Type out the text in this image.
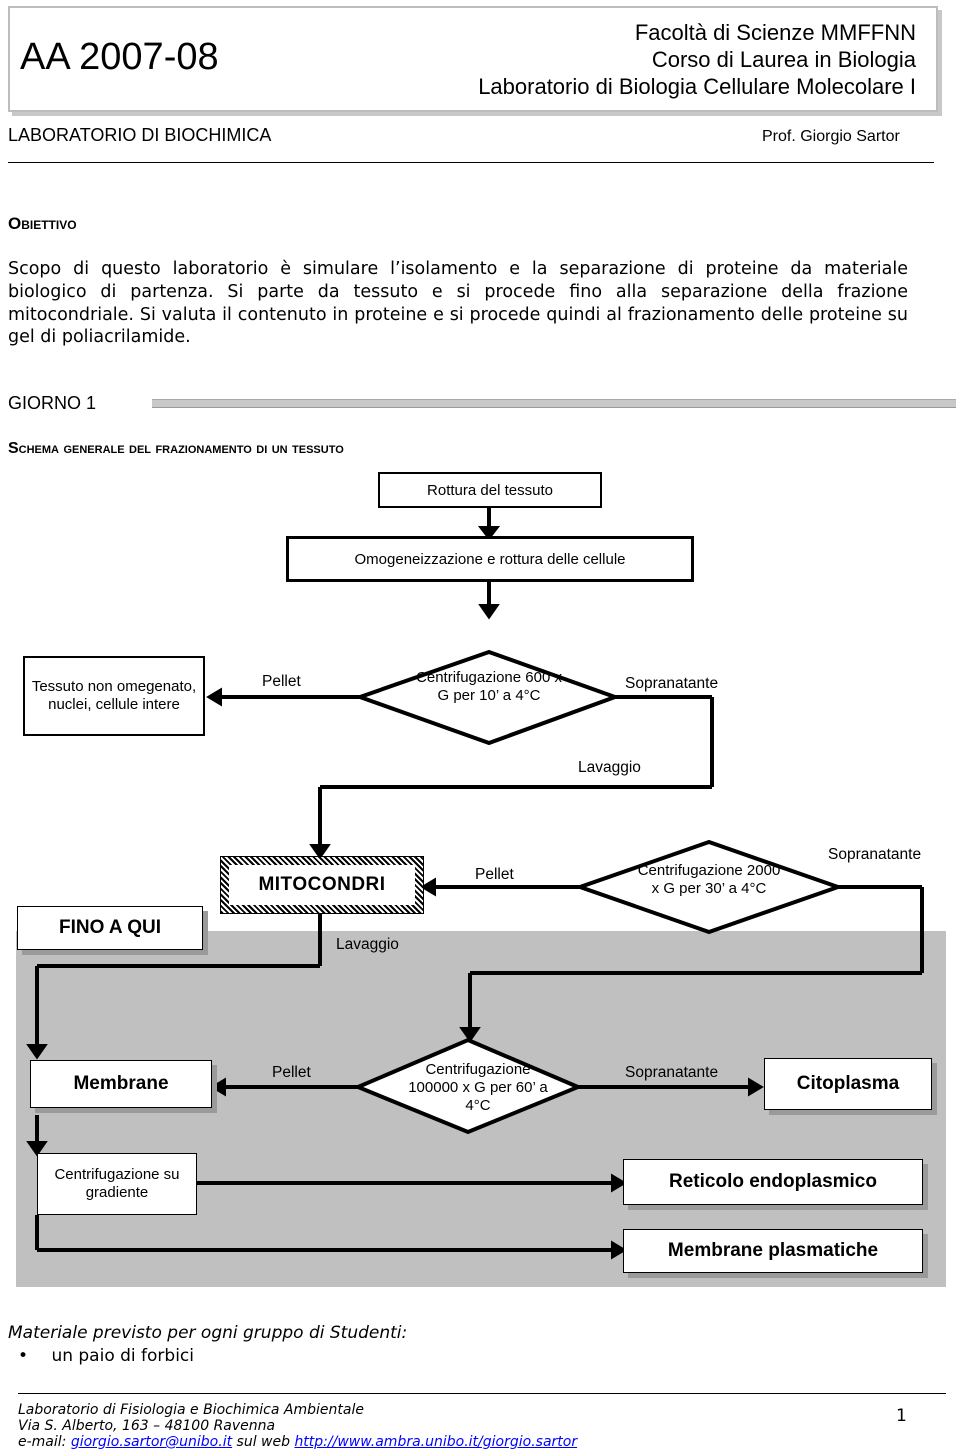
AA 2007-08
Facoltà di Scienze MMFFNN
Corso di Laurea in Biologia
Laboratorio di Biologia Cellulare Molecolare I
LABORATORIO DI BIOCHIMICA	Prof. Giorgio Sartor
Obiettivo
Scopo di questo laboratorio è simulare l’isolamento e la separazione di proteine da materiale biologico di partenza. Si parte da tessuto e si procede fino alla separazione della frazione mitocondriale. Si valuta il contenuto in proteine e si procede quindi al frazionamento delle proteine su gel di poliacrilamide.
GIORNO 1
Schema generale del frazionamento di un tessuto
Rottura del tessuto
Omogeneizzazione e rottura delle cellule
Tessuto non omegenato, nuclei, cellule intere
Pellet	Centrifugazione 600 x G per 10’ a 4°C
Sopranatante
Lavaggio
MITOCONDRI	Pellet	Centrifugazione 2000 x G per 30’ a 4°C
Sopranatante
FINO A QUI
Lavaggio
Membrane
Pellet	Centrifugazione 100000 x G per 60’ a 4°C
Sopranatante
Citoplasma
Centrifugazione su gradiente
Reticolo endoplasmico
Membrane plasmatiche
Materiale previsto per ogni gruppo di Studenti:
• un paio di forbici
Laboratorio di Fisiologia e Biochimica Ambientale
Via S. Alberto, 163 – 48100 Ravenna
e-mail: giorgio.sartor@unibo.it sul web http://www.ambra.unibo.it/giorgio.sartor
1
